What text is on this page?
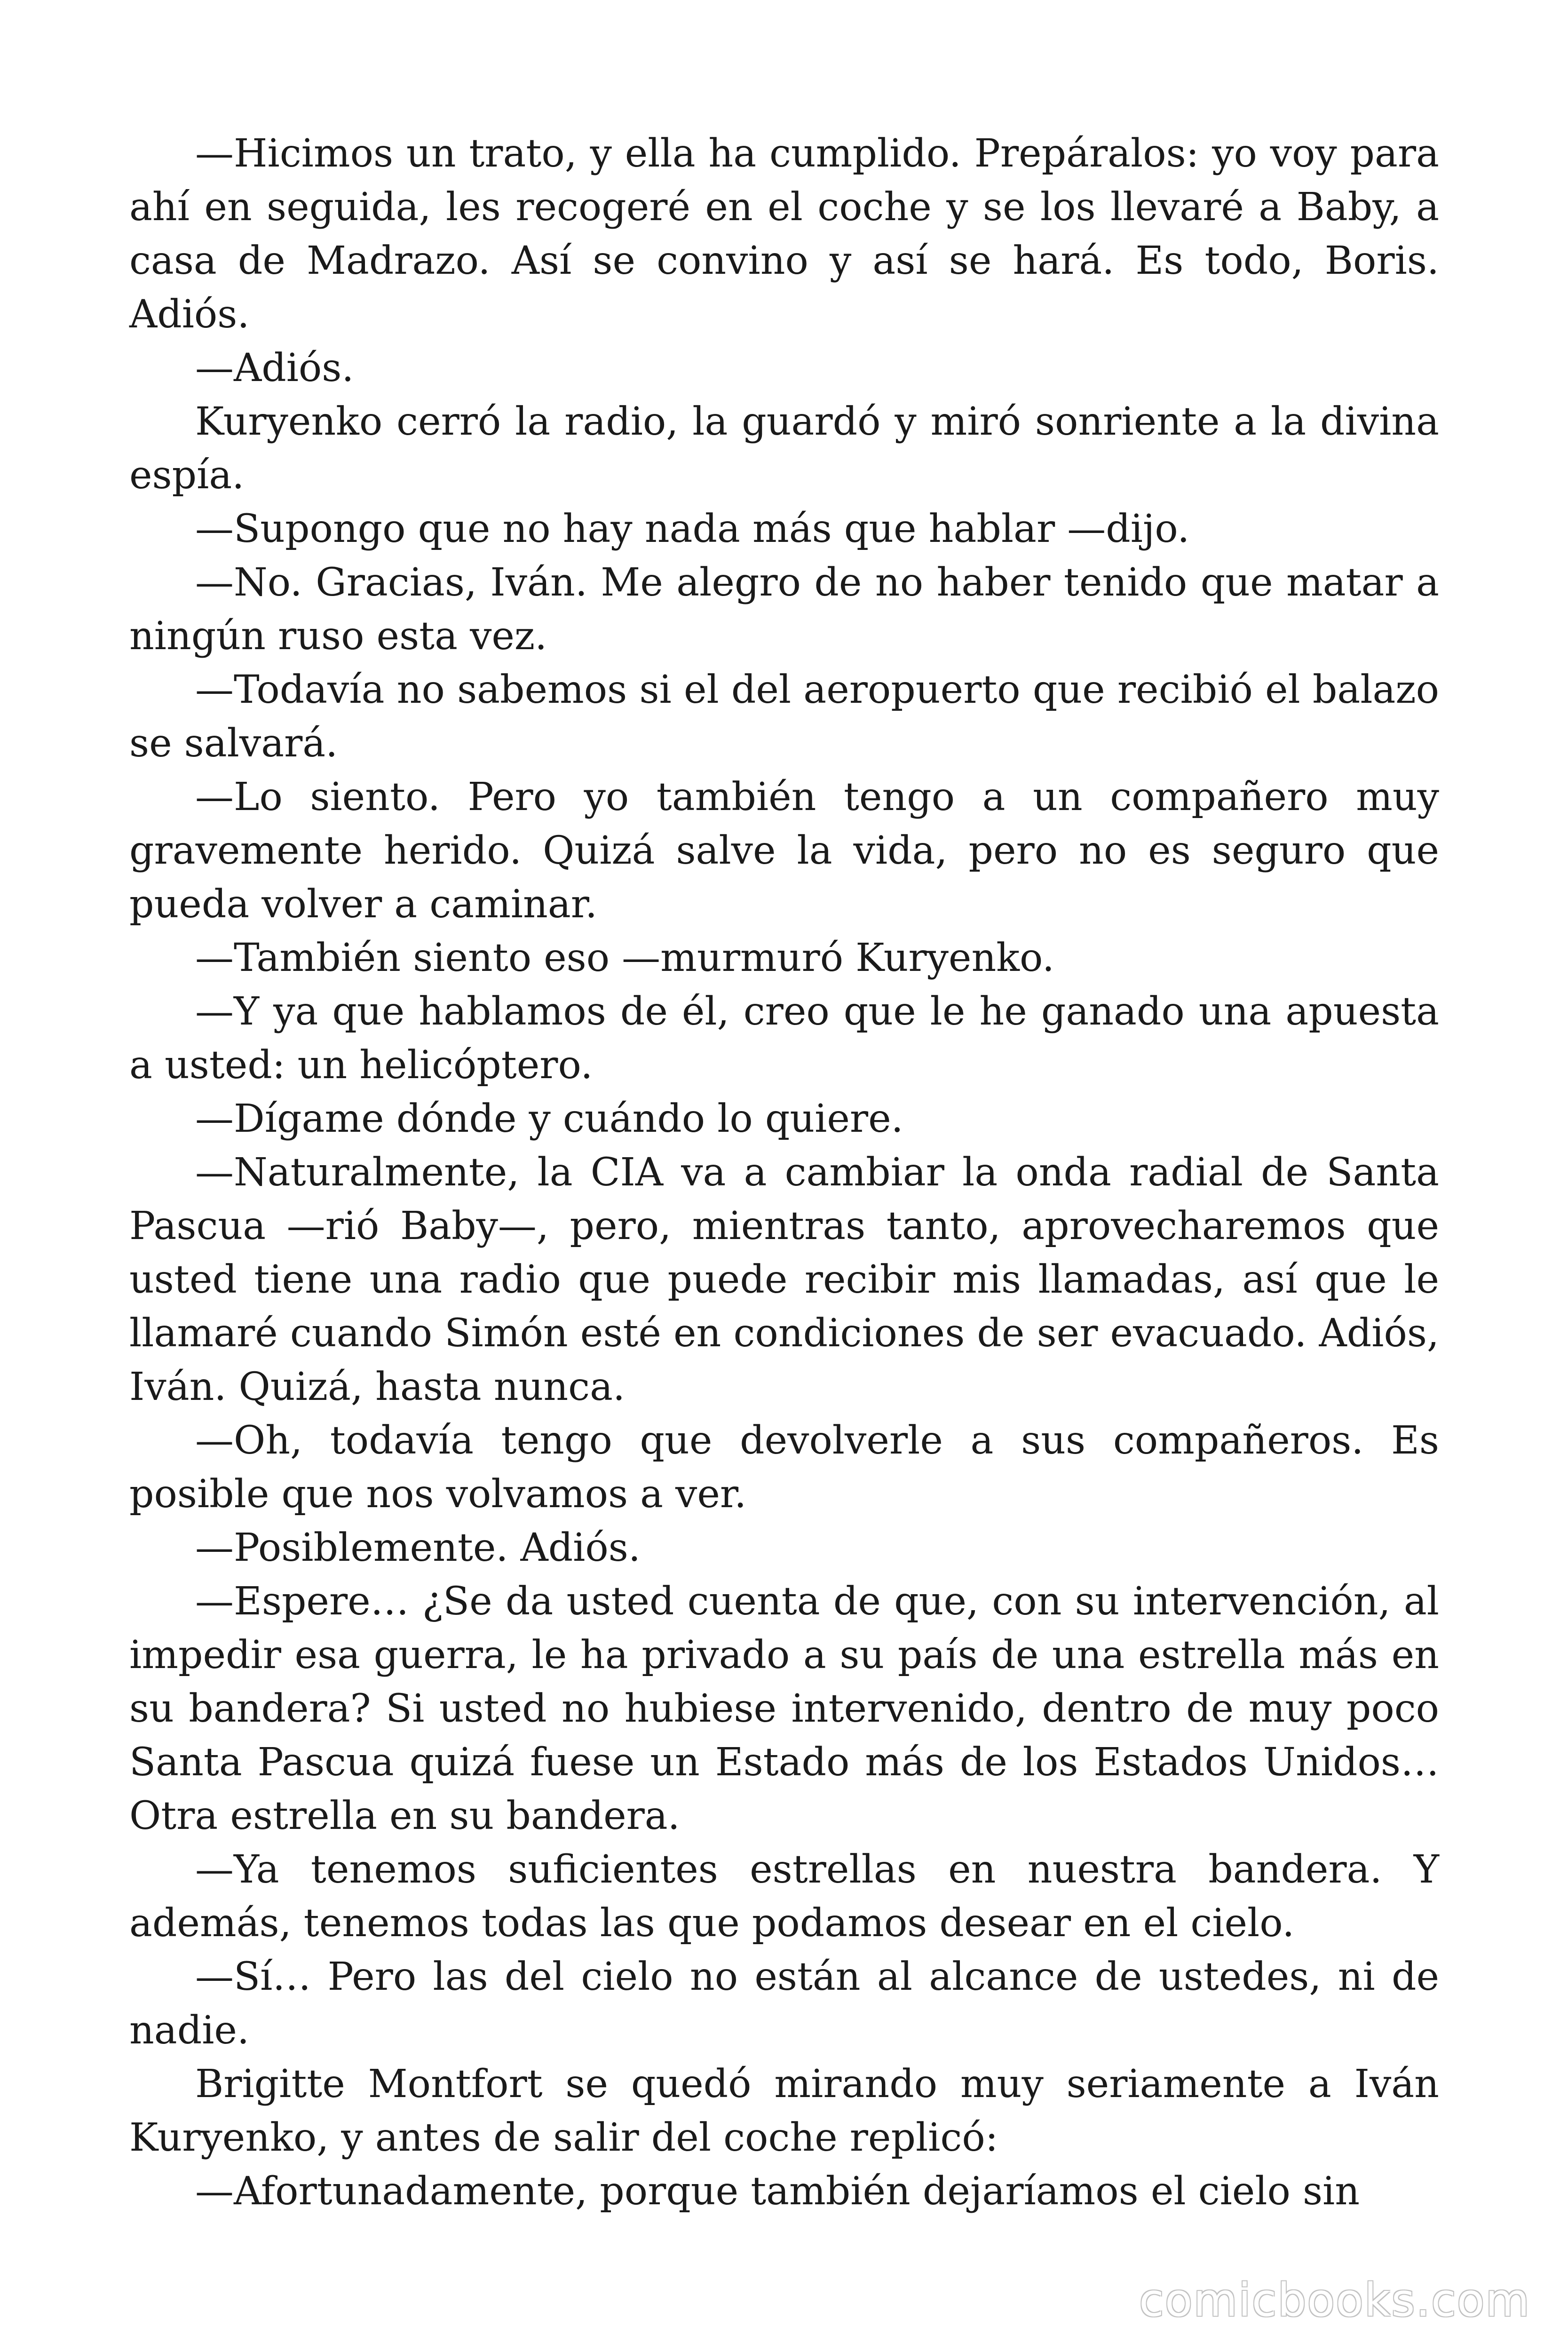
—Hicimos un trato, y ella ha cumplido. Prepáralos: yo voy para ahí en seguida, les recogeré en el coche y se los llevaré a Baby, a casa de Madrazo. Así se convino y así se hará. Es todo, Boris. Adiós.

—Adiós.

Kuryenko cerró la radio, la guardó y miró sonriente a la divina espía.

—Supongo que no hay nada más que hablar —dijo.

—No. Gracias, Iván. Me alegro de no haber tenido que matar a ningún ruso esta vez.

—Todavía no sabemos si el del aeropuerto que recibió el balazo se salvará.

—Lo siento. Pero yo también tengo a un compañero muy gravemente herido. Quizá salve la vida, pero no es seguro que pueda volver a caminar.

—También siento eso —murmuró Kuryenko.

—Y ya que hablamos de él, creo que le he ganado una apuesta a usted: un helicóptero.

—Dígame dónde y cuándo lo quiere.

—Naturalmente, la CIA va a cambiar la onda radial de Santa Pascua —rió Baby—, pero, mientras tanto, aprovecharemos que usted tiene una radio que puede recibir mis llamadas, así que le llamaré cuando Simón esté en condiciones de ser evacuado. Adiós, Iván. Quizá, hasta nunca.

—Oh, todavía tengo que devolverle a sus compañeros. Es posible que nos volvamos a ver.

—Posiblemente. Adiós.

—Espere… ¿Se da usted cuenta de que, con su intervención, al impedir esa guerra, le ha privado a su país de una estrella más en su bandera? Si usted no hubiese intervenido, dentro de muy poco Santa Pascua quizá fuese un Estado más de los Estados Unidos… Otra estrella en su bandera.

—Ya tenemos suficientes estrellas en nuestra bandera. Y además, tenemos todas las que podamos desear en el cielo.

—Sí… Pero las del cielo no están al alcance de ustedes, ni de nadie.

Brigitte Montfort se quedó mirando muy seriamente a Iván Kuryenko, y antes de salir del coche replicó:

—Afortunadamente, porque también dejaríamos el cielo sin

comicbooks.com
